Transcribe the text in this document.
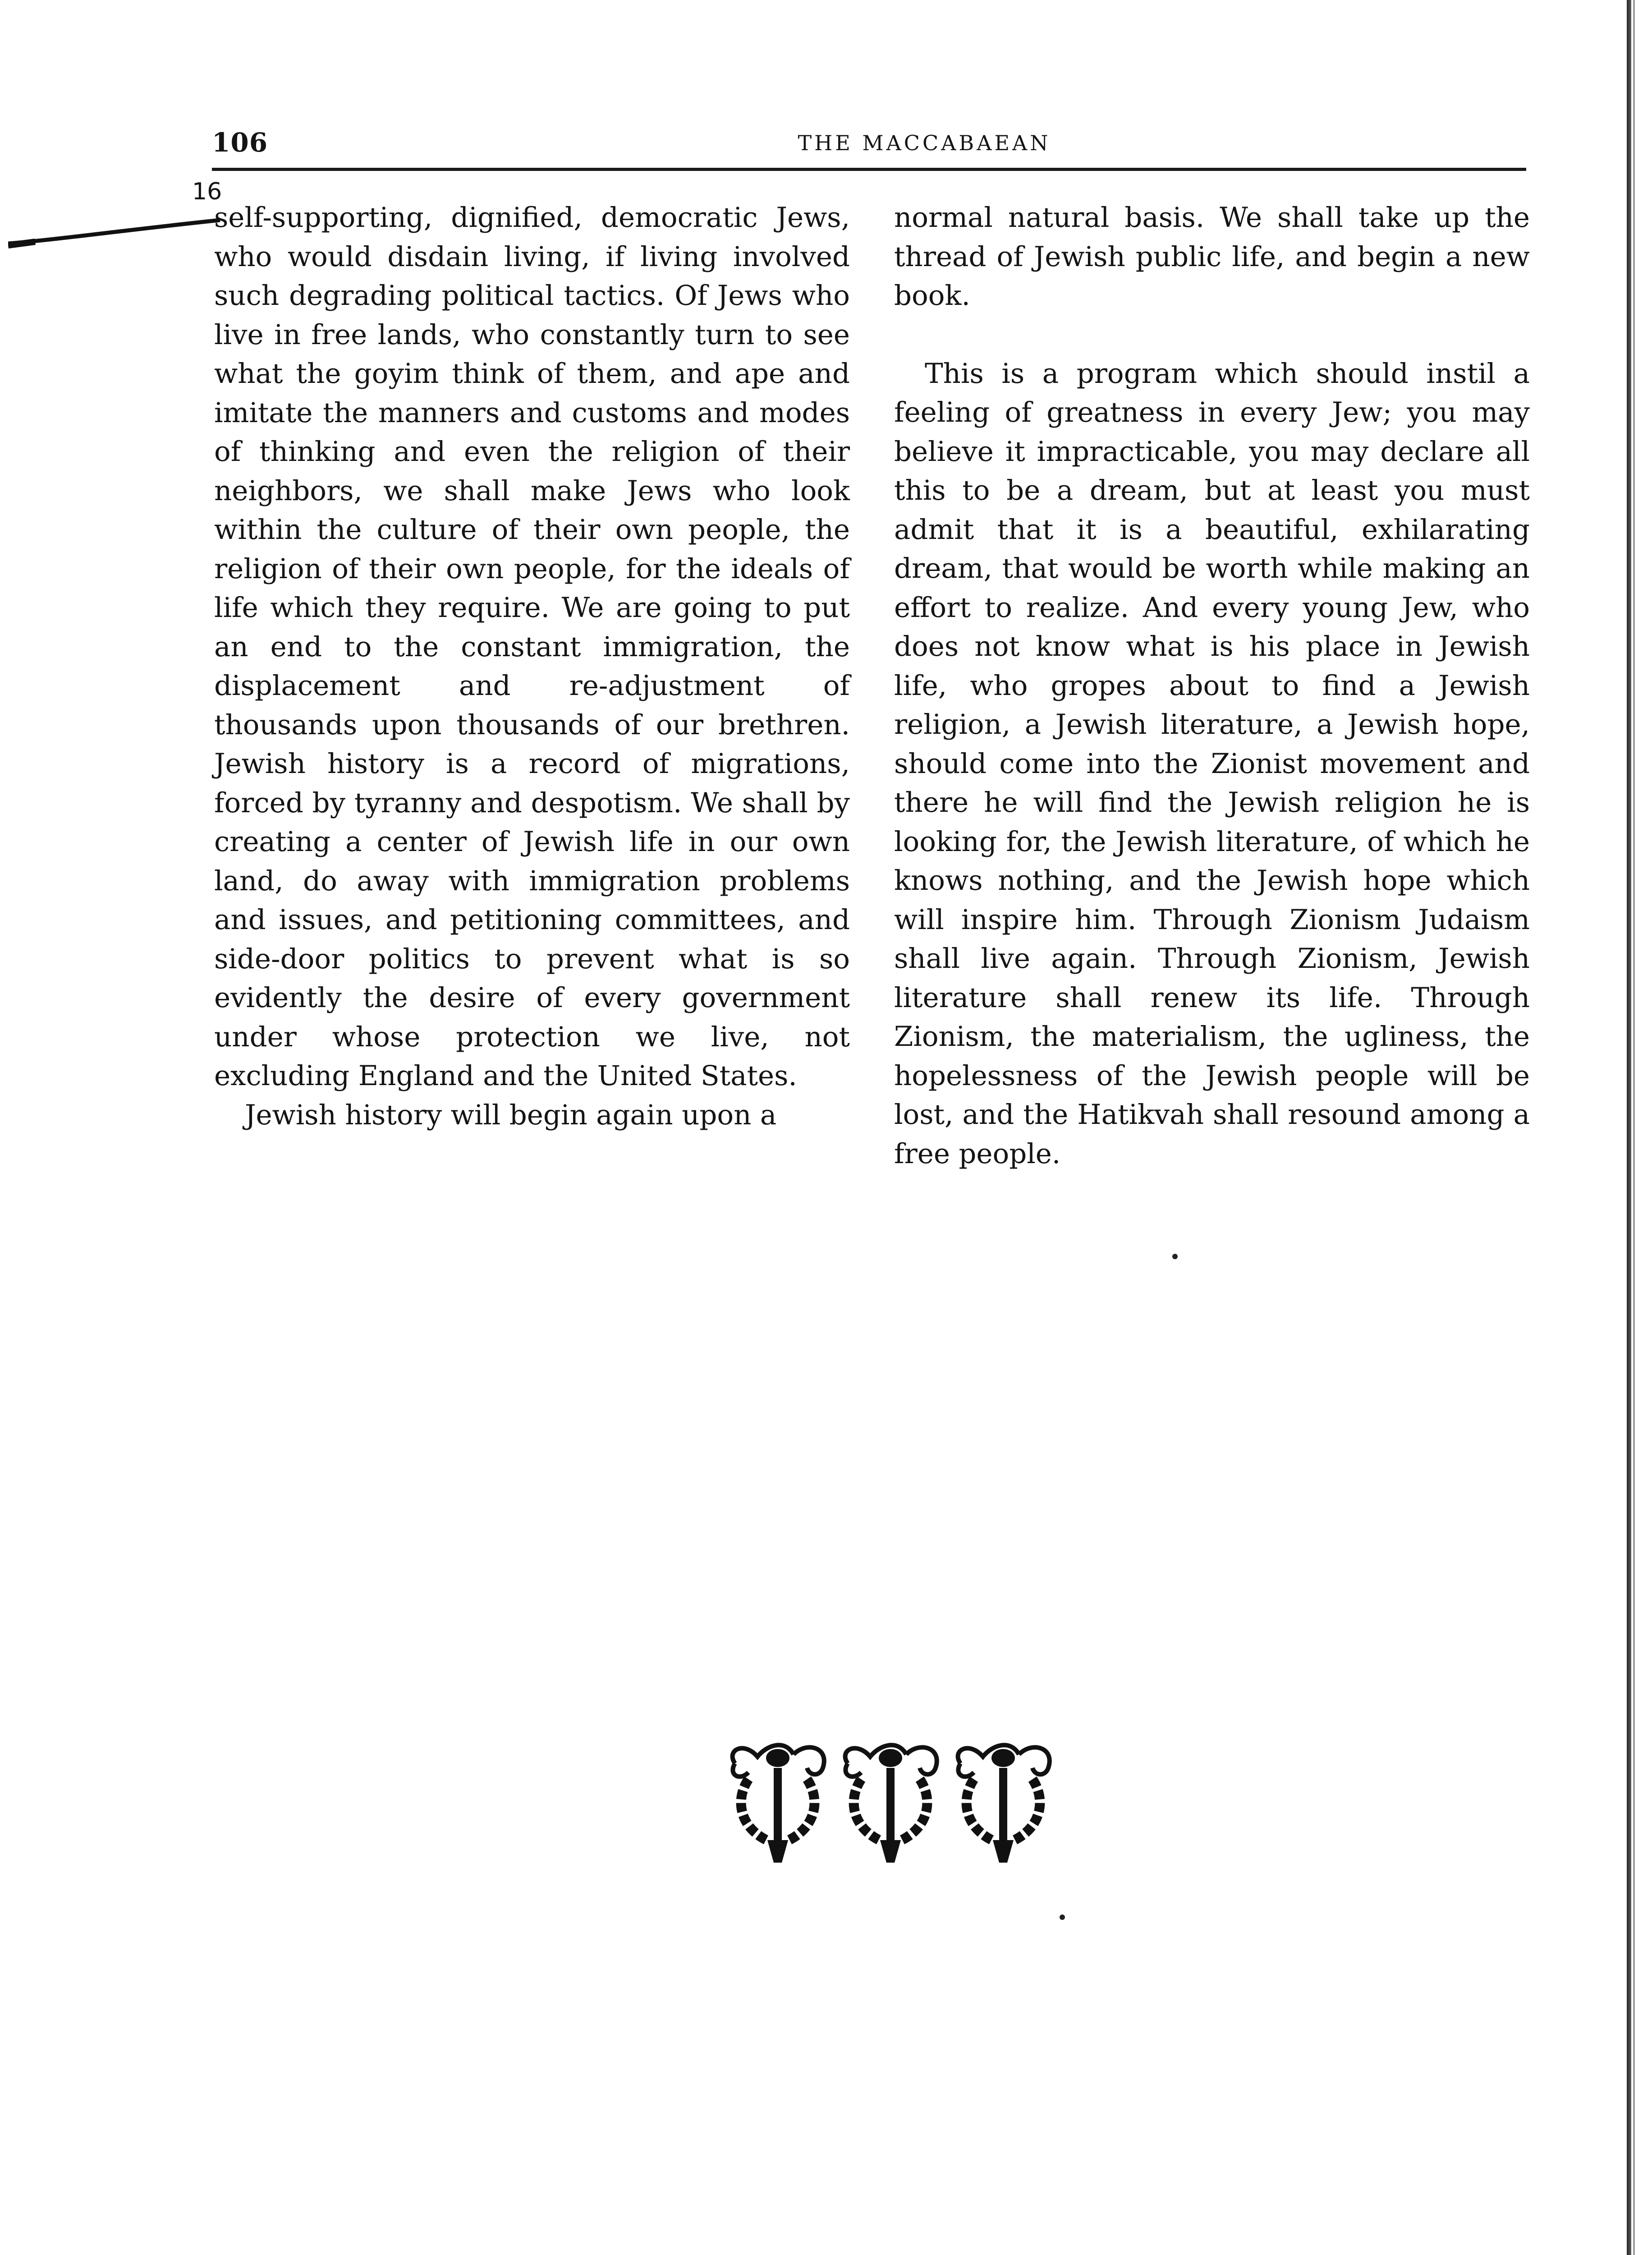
106	THE MACCABAEAN
16

self-supporting, dignified, democratic Jews, who would disdain living, if living involved such degrading political tactics. Of Jews who live in free lands, who constantly turn to see what the goyim think of them, and ape and imitate the manners and customs and modes of thinking and even the religion of their neighbors, we shall make Jews who look within the culture of their own people, the religion of their own people, for the ideals of life which they require. We are going to put an end to the constant immigration, the displacement and re-adjustment of thousands upon thousands of our brethren. Jewish history is a record of migrations, forced by tyranny and despotism. We shall by creating a center of Jewish life in our own land, do away with immigration problems and issues, and petitioning committees, and side-door politics to prevent what is so evidently the desire of every government under whose protection we live, not excluding England and the United States.

Jewish history will begin again upon a

normal natural basis. We shall take up the thread of Jewish public life, and begin a new book.

This is a program which should instil a feeling of greatness in every Jew; you may believe it impracticable, you may declare all this to be a dream, but at least you must admit that it is a beautiful, exhilarating dream, that would be worth while making an effort to realize. And every young Jew, who does not know what is his place in Jewish life, who gropes about to find a Jewish religion, a Jewish literature, a Jewish hope, should come into the Zionist movement and there he will find the Jewish religion he is looking for, the Jewish literature, of which he knows nothing, and the Jewish hope which will inspire him. Through Zionism Judaism shall live again. Through Zionism, Jewish literature shall renew its life. Through Zionism, the materialism, the ugliness, the hopelessness of the Jewish people will be lost, and the Hatikvah shall resound among a free people.
